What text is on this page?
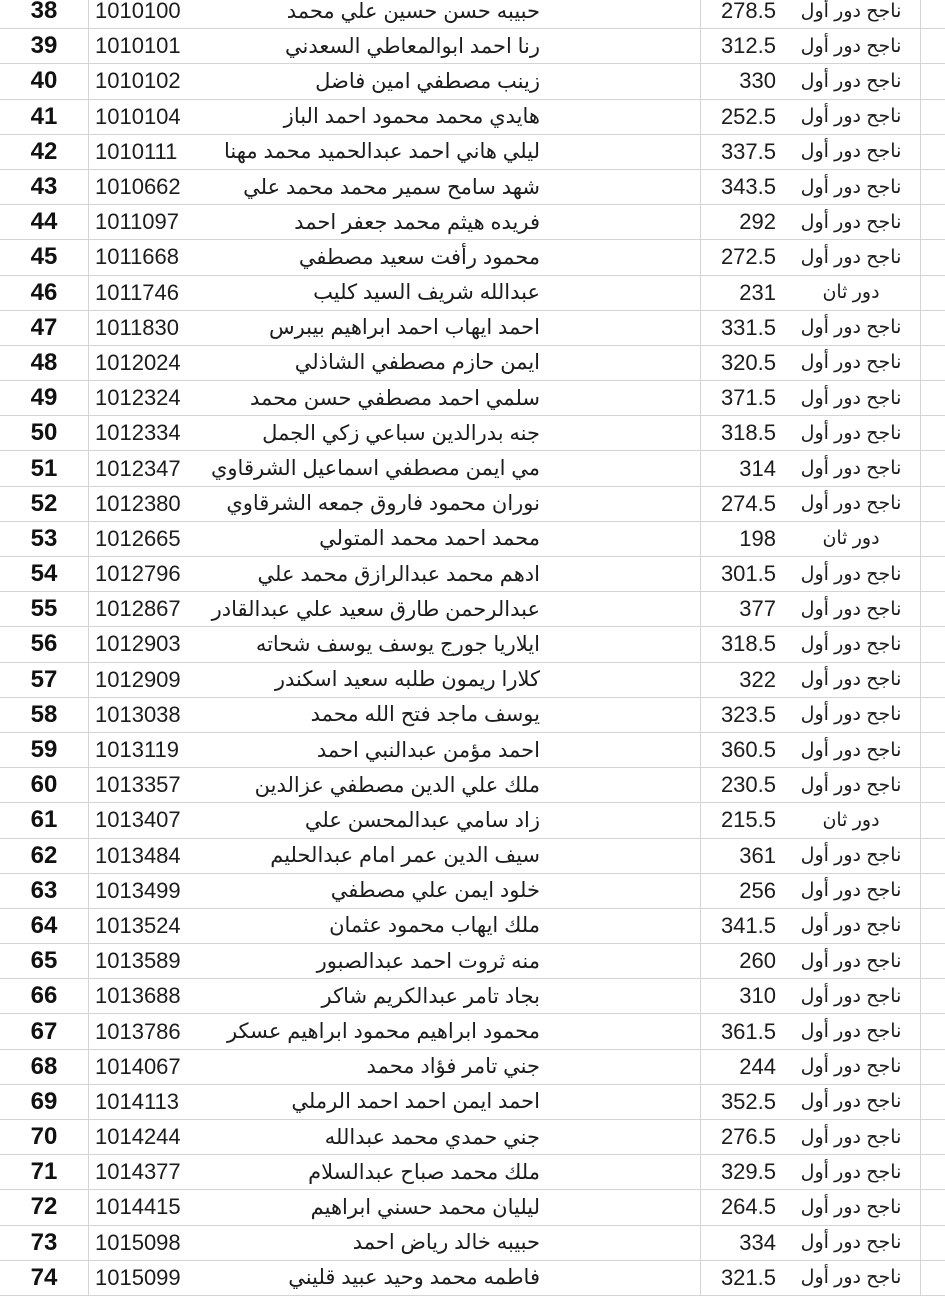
38	1010100	حبيبه حسن حسين علي محمد	278.5	ناجح دور أول
39	1010101	رنا احمد ابوالمعاطي السعدني	312.5	ناجح دور أول
40	1010102	زينب مصطفي امين فاضل	330	ناجح دور أول
41	1010104	هايدي محمد محمود احمد الباز	252.5	ناجح دور أول
42	1010111	ليلي هاني احمد عبدالحميد محمد مهنا	337.5	ناجح دور أول
43	1010662	شهد سامح سمير محمد محمد علي	343.5	ناجح دور أول
44	1011097	فريده هيثم محمد جعفر احمد	292	ناجح دور أول
45	1011668	محمود رأفت سعيد مصطفي	272.5	ناجح دور أول
46	1011746	عبدالله شريف السيد كليب	231	دور ثان
47	1011830	احمد ايهاب احمد ابراهيم بيبرس	331.5	ناجح دور أول
48	1012024	ايمن حازم مصطفي الشاذلي	320.5	ناجح دور أول
49	1012324	سلمي احمد مصطفي حسن محمد	371.5	ناجح دور أول
50	1012334	جنه بدرالدين سباعي زكي الجمل	318.5	ناجح دور أول
51	1012347	مي ايمن مصطفي اسماعيل الشرقاوي	314	ناجح دور أول
52	1012380	نوران محمود فاروق جمعه الشرقاوي	274.5	ناجح دور أول
53	1012665	محمد احمد محمد المتولي	198	دور ثان
54	1012796	ادهم محمد عبدالرازق محمد علي	301.5	ناجح دور أول
55	1012867	عبدالرحمن طارق سعيد علي عبدالقادر	377	ناجح دور أول
56	1012903	ايلاريا جورج يوسف يوسف شحاته	318.5	ناجح دور أول
57	1012909	كلارا ريمون طلبه سعيد اسكندر	322	ناجح دور أول
58	1013038	يوسف ماجد فتح الله محمد	323.5	ناجح دور أول
59	1013119	احمد مؤمن عبدالنبي احمد	360.5	ناجح دور أول
60	1013357	ملك علي الدين مصطفي عزالدين	230.5	ناجح دور أول
61	1013407	زاد سامي عبدالمحسن علي	215.5	دور ثان
62	1013484	سيف الدين عمر امام عبدالحليم	361	ناجح دور أول
63	1013499	خلود ايمن علي مصطفي	256	ناجح دور أول
64	1013524	ملك ايهاب محمود عثمان	341.5	ناجح دور أول
65	1013589	منه ثروت احمد عبدالصبور	260	ناجح دور أول
66	1013688	بجاد تامر عبدالكريم شاكر	310	ناجح دور أول
67	1013786	محمود ابراهيم محمود ابراهيم عسكر	361.5	ناجح دور أول
68	1014067	جني تامر فؤاد محمد	244	ناجح دور أول
69	1014113	احمد ايمن احمد احمد الرملي	352.5	ناجح دور أول
70	1014244	جني حمدي محمد عبدالله	276.5	ناجح دور أول
71	1014377	ملك محمد صباح عبدالسلام	329.5	ناجح دور أول
72	1014415	ليليان محمد حسني ابراهيم	264.5	ناجح دور أول
73	1015098	حبيبه خالد رياض احمد	334	ناجح دور أول
74	1015099	فاطمه محمد وحيد عبيد قليني	321.5	ناجح دور أول
